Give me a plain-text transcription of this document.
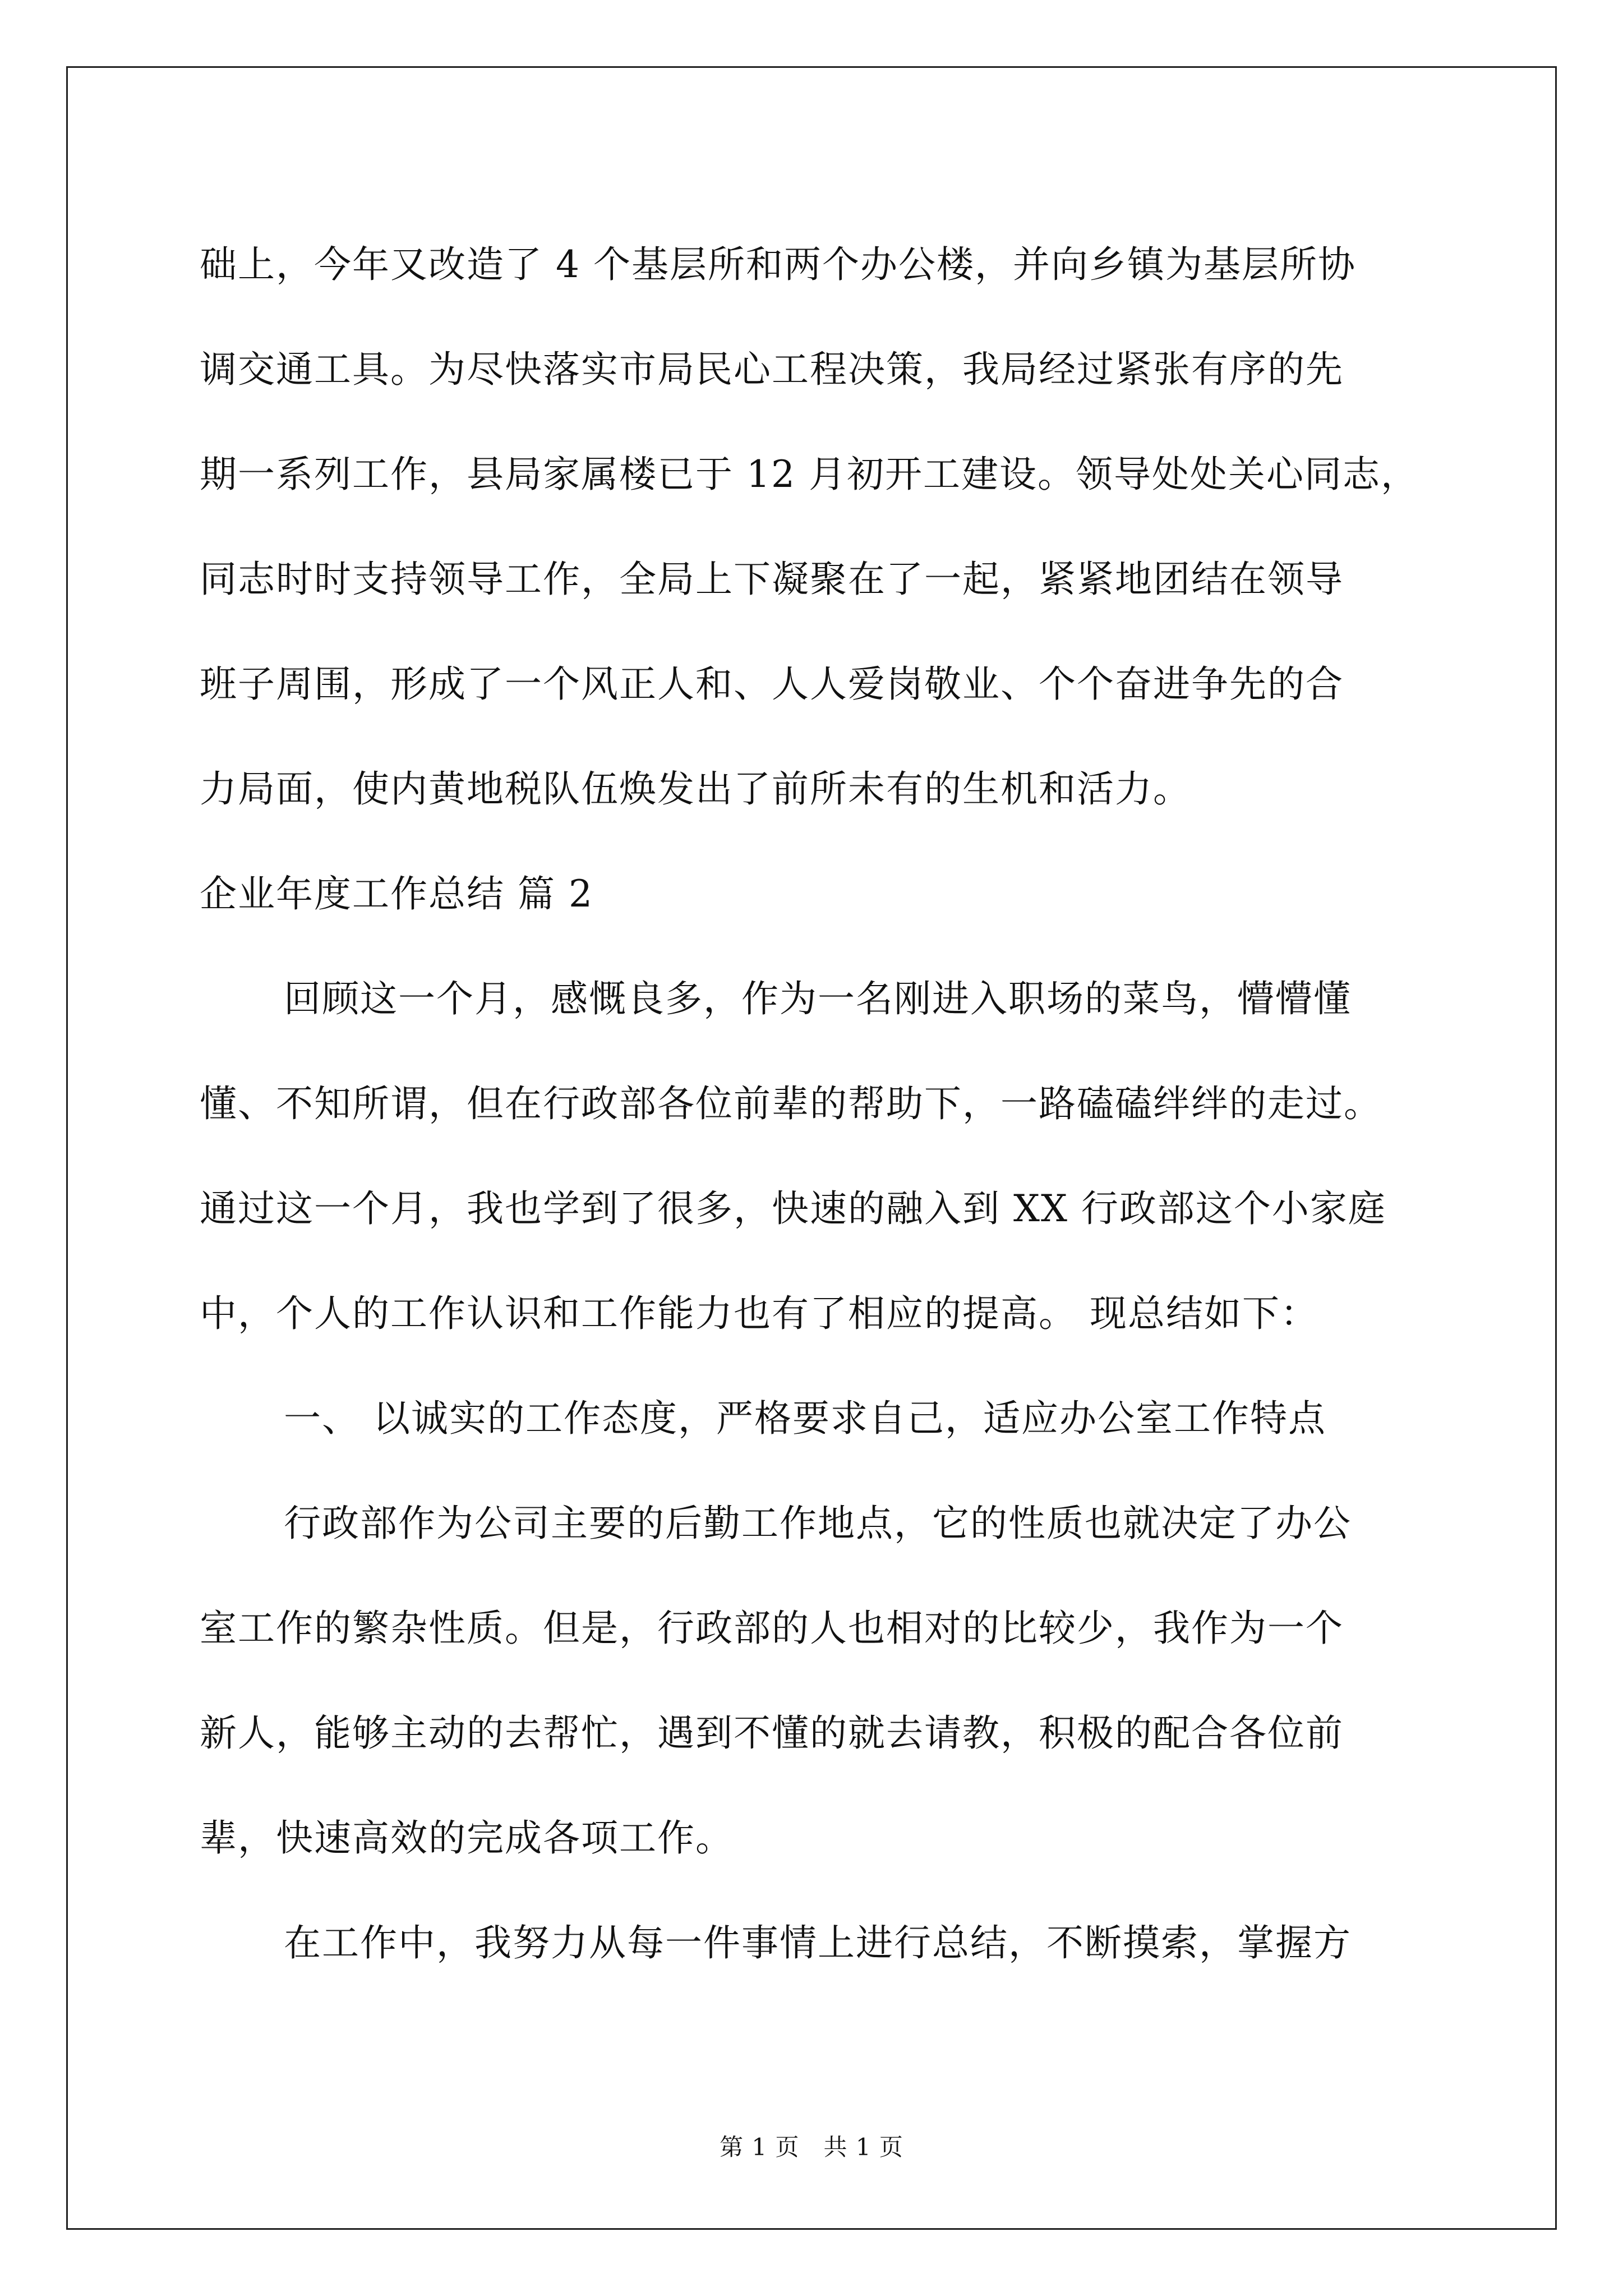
础上，今年又改造了 4 个基层所和两个办公楼，并向乡镇为基层所协
调交通工具。为尽快落实市局民心工程决策，我局经过紧张有序的先
期一系列工作，县局家属楼已于 12 月初开工建设。领导处处关心同志，
同志时时支持领导工作，全局上下凝聚在了一起，紧紧地团结在领导
班子周围，形成了一个风正人和、人人爱岗敬业、个个奋进争先的合
力局面，使内黄地税队伍焕发出了前所未有的生机和活力。
企业年度工作总结 篇 2
回顾这一个月，感慨良多，作为一名刚进入职场的菜鸟，懵懵懂
懂、不知所谓，但在行政部各位前辈的帮助下，一路磕磕绊绊的走过。
通过这一个月，我也学到了很多，快速的融入到 XX 行政部这个小家庭
中，个人的工作认识和工作能力也有了相应的提高。 现总结如下：
一、 以诚实的工作态度，严格要求自己，适应办公室工作特点
行政部作为公司主要的后勤工作地点，它的性质也就决定了办公
室工作的繁杂性质。但是，行政部的人也相对的比较少，我作为一个
新人，能够主动的去帮忙，遇到不懂的就去请教，积极的配合各位前
辈，快速高效的完成各项工作。
在工作中，我努力从每一件事情上进行总结，不断摸索，掌握方
第 1 页　共 1 页
